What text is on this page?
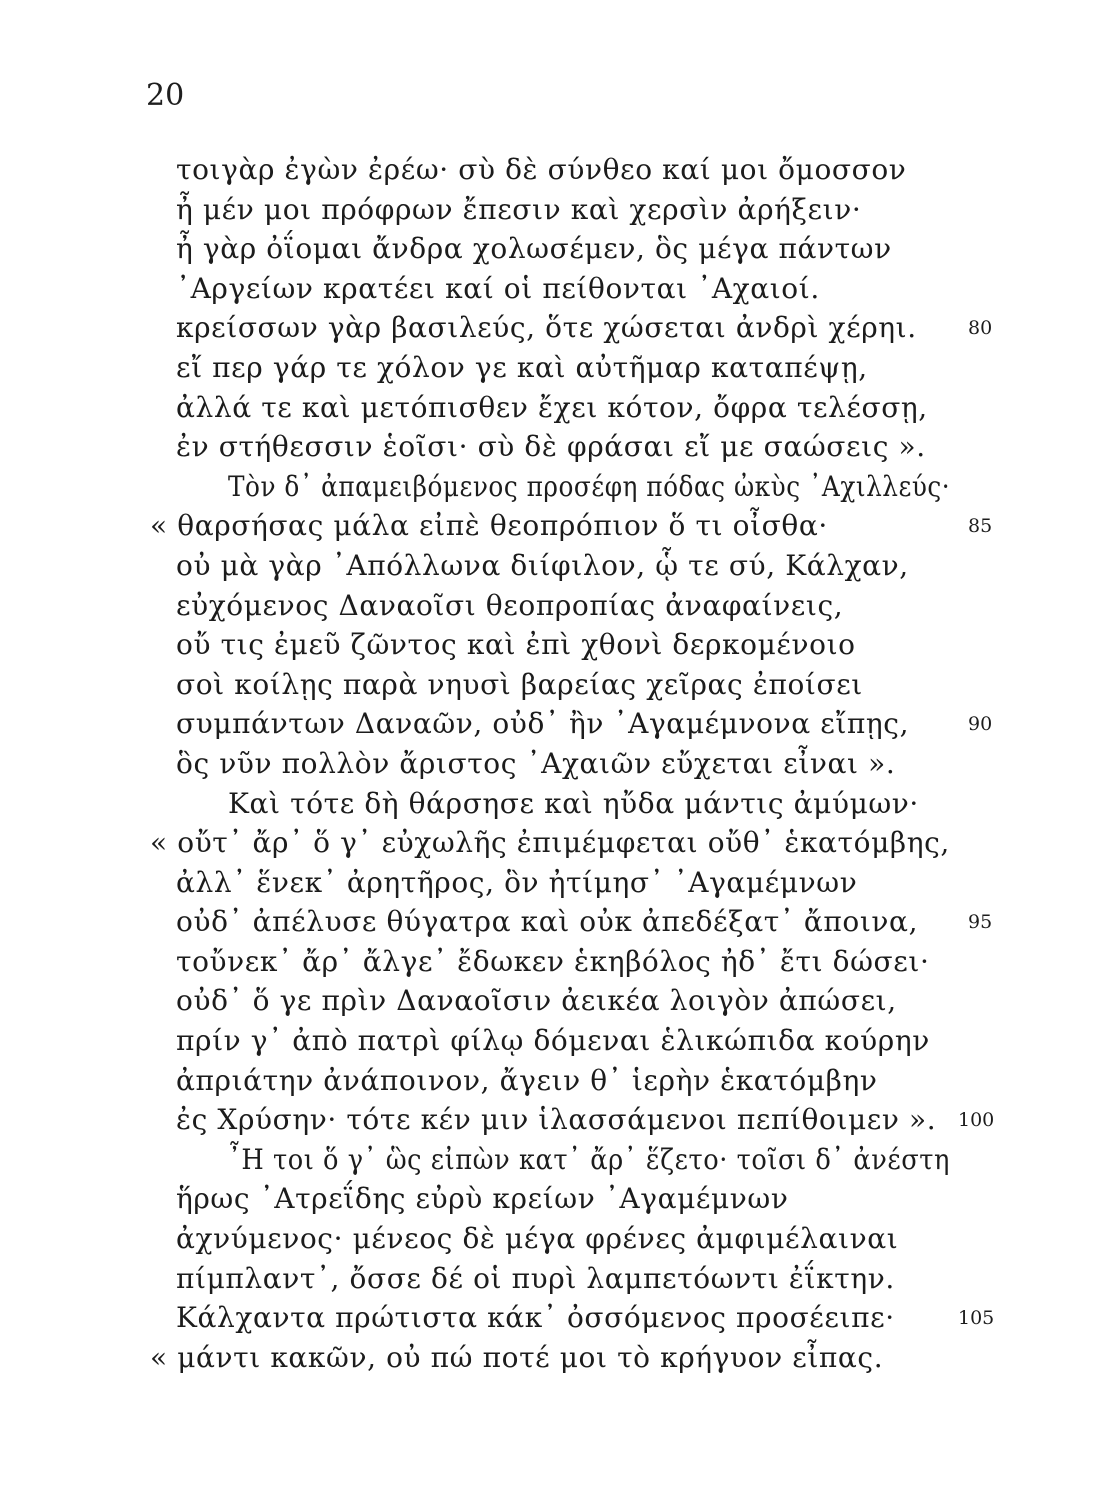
20
τοιγὰρ ἐγὼν ἐρέω· σὺ δὲ σύνθεο καί μοι ὄμοσσον
ἦ μέν μοι πρόφρων ἔπεσιν καὶ χερσὶν ἀρήξειν·
ἦ γὰρ ὀΐομαι ἄνδρα χολωσέμεν, ὃς μέγα πάντων
᾿Αργείων κρατέει καί οἱ πείθονται ᾿Αχαιοί.
κρείσσων γὰρ βασιλεύς, ὅτε χώσεται ἀνδρὶ χέρηι.	80
εἴ περ γάρ τε χόλον γε καὶ αὐτῆμαρ καταπέψῃ,
ἀλλά τε καὶ μετόπισθεν ἔχει κότον, ὄφρα τελέσσῃ,
ἐν στήθεσσιν ἑοῖσι· σὺ δὲ φράσαι εἴ με σαώσεις ».
Τὸν δ᾿ ἀπαμειβόμενος προσέφη πόδας ὠκὺς ᾿Αχιλλεύς·
« θαρσήσας μάλα εἰπὲ θεοπρόπιον ὅ τι οἶσθα·	85
οὐ μὰ γὰρ ᾿Απόλλωνα διίφιλον, ᾧ τε σύ, Κάλχαν,
εὐχόμενος Δαναοῖσι θεοπροπίας ἀναφαίνεις,
οὔ τις ἐμεῦ ζῶντος καὶ ἐπὶ χθονὶ δερκομένοιο
σοὶ κοίλῃς παρὰ νηυσὶ βαρείας χεῖρας ἐποίσει
συμπάντων Δαναῶν, οὐδ᾿ ἢν ᾿Αγαμέμνονα εἴπῃς,	90
ὃς νῦν πολλὸν ἄριστος ᾿Αχαιῶν εὔχεται εἶναι ».
Καὶ τότε δὴ θάρσησε καὶ ηὔδα μάντις ἀμύμων·
« οὔτ᾿ ἄρ᾿ ὅ γ᾿ εὐχωλῆς ἐπιμέμφεται οὔθ᾿ ἑκατόμβης,
ἀλλ᾿ ἕνεκ᾿ ἀρητῆρος, ὃν ἠτίμησ᾿ ᾿Αγαμέμνων
οὐδ᾿ ἀπέλυσε θύγατρα καὶ οὐκ ἀπεδέξατ᾿ ἄποινα,	95
τοὔνεκ᾿ ἄρ᾿ ἄλγε᾿ ἔδωκεν ἑκηβόλος ἠδ᾿ ἔτι δώσει·
οὐδ᾿ ὅ γε πρὶν Δαναοῖσιν ἀεικέα λοιγὸν ἀπώσει,
πρίν γ᾿ ἀπὸ πατρὶ φίλῳ δόμεναι ἑλικώπιδα κούρην
ἀπριάτην ἀνάποινον, ἄγειν θ᾿ ἱερὴν ἑκατόμβην
ἐς Χρύσην· τότε κέν μιν ἱλασσάμενοι πεπίθοιμεν ». 100
῏Η τοι ὅ γ᾿ ὣς εἰπὼν κατ᾿ ἄρ᾿ ἕζετο· τοῖσι δ᾿ ἀνέστη
ἥρως ᾿Ατρεΐδης εὐρὺ κρείων ᾿Αγαμέμνων
ἀχνύμενος· μένεος δὲ μέγα φρένες ἀμφιμέλαιναι
πίμπλαντ᾿, ὄσσε δέ οἱ πυρὶ λαμπετόωντι ἐΐκτην.
Κάλχαντα πρώτιστα κάκ᾿ ὀσσόμενος προσέειπε·	105
« μάντι κακῶν, οὐ πώ ποτέ μοι τὸ κρήγυον εἶπας.
